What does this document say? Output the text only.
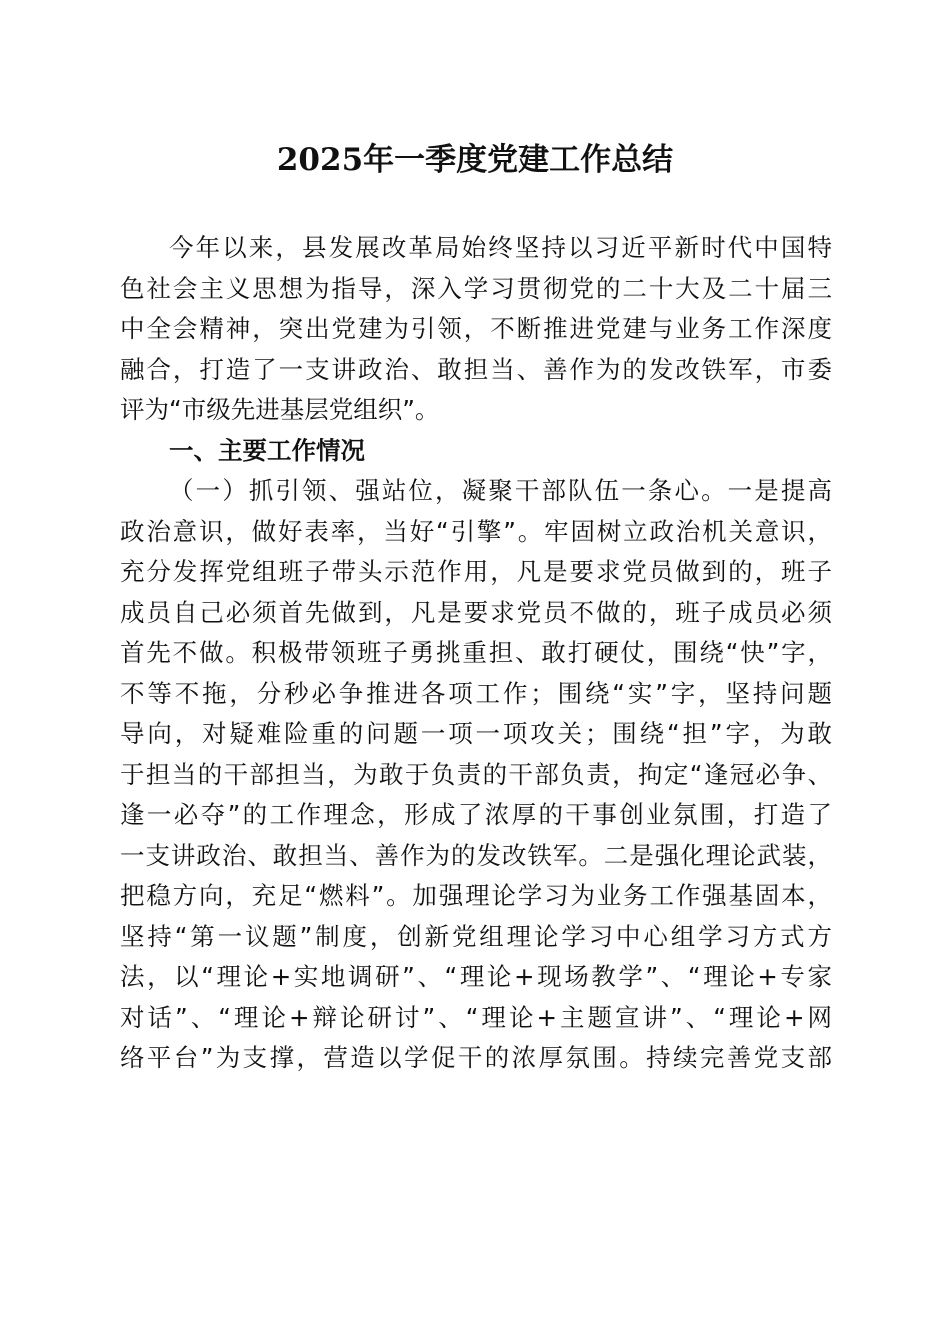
2025年一季度党建工作总结
今年以来，县发展改革局始终坚持以习近平新时代中国特
色社会主义思想为指导，深入学习贯彻党的二十大及二十届三
中全会精神，突出党建为引领，不断推进党建与业务工作深度
融合，打造了一支讲政治、敢担当、善作为的发改铁军，市委
评为“市级先进基层党组织”。
一、主要工作情况
（一）抓引领、强站位，凝聚干部队伍一条心。一是提高
政治意识，做好表率，当好“引擎”。牢固树立政治机关意识，
充分发挥党组班子带头示范作用，凡是要求党员做到的，班子
成员自己必须首先做到，凡是要求党员不做的，班子成员必须
首先不做。积极带领班子勇挑重担、敢打硬仗，围绕“快”字，
不等不拖，分秒必争推进各项工作；围绕“实”字，坚持问题
导向，对疑难险重的问题一项一项攻关；围绕“担”字，为敢
于担当的干部担当，为敢于负责的干部负责，拘定“逢冠必争、
逢一必夺”的工作理念，形成了浓厚的干事创业氛围，打造了
一支讲政治、敢担当、善作为的发改铁军。二是强化理论武装，
把稳方向，充足“燃料”。加强理论学习为业务工作强基固本，
坚持“第一议题”制度，创新党组理论学习中心组学习方式方
法，以“理论+实地调研”、“理论+现场教学”、“理论+专家
对话”、“理论+辩论研讨”、“理论+主题宣讲”、“理论+网
络平台”为支撑，营造以学促干的浓厚氛围。持续完善党支部
